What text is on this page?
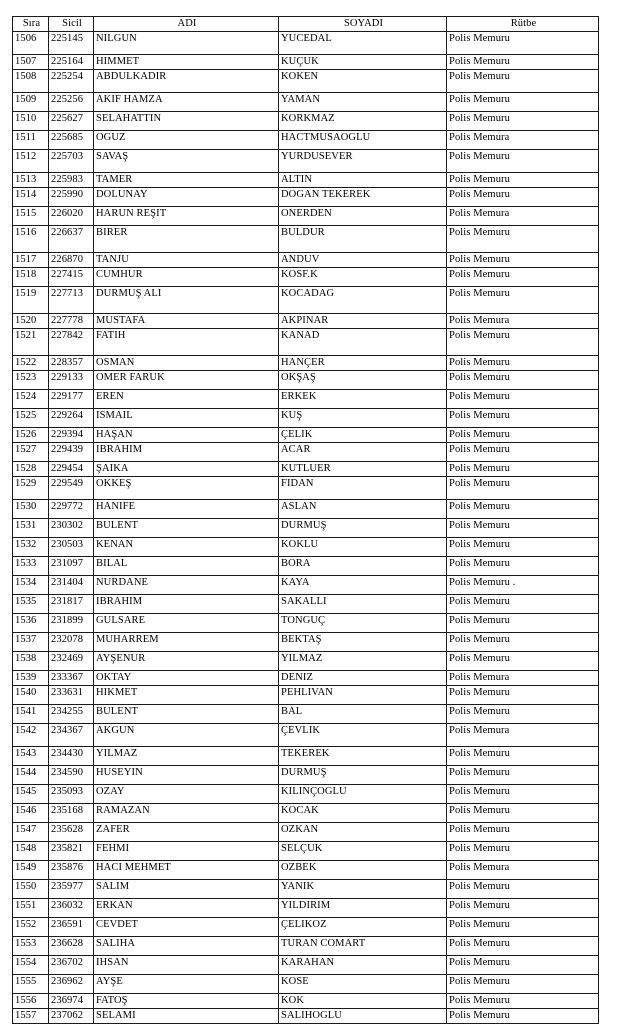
Sıra	Sicil	ADI	SOYADI	Rütbe
1506	225145	NILGUN	YUCEDAL	Polis Memuru
1507	225164	HIMMET	KUÇUK	Polis Memuru
1508	225254	ABDULKADIR	KOKEN	Polis Memuru
1509	225256	AKIF HAMZA	YAMAN	Polis Memuru
1510	225627	SELAHATTIN	KORKMAZ	Polis Memuru
1511	225685	OGUZ	HACTMUSAOGLU	Polis Memura
1512	225703	SAVAŞ	YURDUSEVER	Polis Memuru
1513	225983	TAMER	ALTIN	Polis Memuru
1514	225990	DOLUNAY	DOGAN TEKEREK	Polis Memuru
1515	226020	HARUN REŞIT	ONERDEN	Polis Memura
1516	226637	BIRER	BULDUR	Polis Memuru
1517	226870	TANJU	ANDUV	Polis Memuru
1518	227415	CUMHUR	KOSF.K	Polis Memuru
1519	227713	DURMUŞ ALI	KOCADAG	Polis Memuru
1520	227778	MUSTAFA	AKPINAR	Polis Memura
1521	227842	FATIH	KANAD	Polis Memuru
1522	228357	OSMAN	HANÇER	Polis Memuru
1523	229133	OMER FARUK	OKŞAŞ	Polis Memuru
1524	229177	EREN	ERKEK	Polis Memuru
1525	229264	ISMAIL	KUŞ	Polis Memuru
1526	229394	HAŞAN	ÇELIK	Polis Memuru
1527	229439	IBRAHIM	ACAR	Polis Memuru
1528	229454	ŞAIKA	KUTLUER	Polis Memuru
1529	229549	OKKEŞ	FIDAN	Polis Memuru
1530	229772	HANIFE	ASLAN	Polis Memuru
1531	230302	BULENT	DURMUŞ	Polis Memuru
1532	230503	KENAN	KOKLU	Polis Memuru
1533	231097	BILAL	BORA	Polis Memuru
1534	231404	NURDANE	KAYA	Polis Memuru .
1535	231817	IBRAHIM	SAKALLI	Polis Memuru
1536	231899	GULSARE	TONGUÇ	Polis Memuru
1537	232078	MUHARREM	BEKTAŞ	Polis Memuru
1538	232469	AYŞENUR	YILMAZ	Polis Memuru
1539	233367	OKTAY	DENIZ	Polis Memura
1540	233631	HIKMET	PEHLIVAN	Polis Memuru
1541	234255	BULENT	BAL	Polis Memuru
1542	234367	AKGUN	ÇEVLIK	Polis Memura
1543	234430	YILMAZ	TEKEREK	Polis Memuru
1544	234590	HUSEYIN	DURMUŞ	Polis Memuru
1545	235093	OZAY	KILINÇOGLU	Polis Memuru
1546	235168	RAMAZAN	KOCAK	Polis Memuru
1547	235628	ZAFER	OZKAN	Polis Memuru
1548	235821	FEHMI	SELÇUK	Polis Memuru
1549	235876	HACI MEHMET	OZBEK	Polis Memura
1550	235977	SALIM	YANIK	Polis Memuru
1551	236032	ERKAN	YILDIRIM	Polis Memuru
1552	236591	CEVDET	ÇELIKOZ	Polis Memuru
1553	236628	SALIHA	TURAN COMART	Polis Memuru
1554	236702	IHSAN	KARAHAN	Polis Memuru
1555	236962	AYŞE	KOSE	Polis Memuru
1556	236974	FATOŞ	KOK	Polis Memuru
1557	237062	SELAMI	SALIHOGLU	Polis Memuru
